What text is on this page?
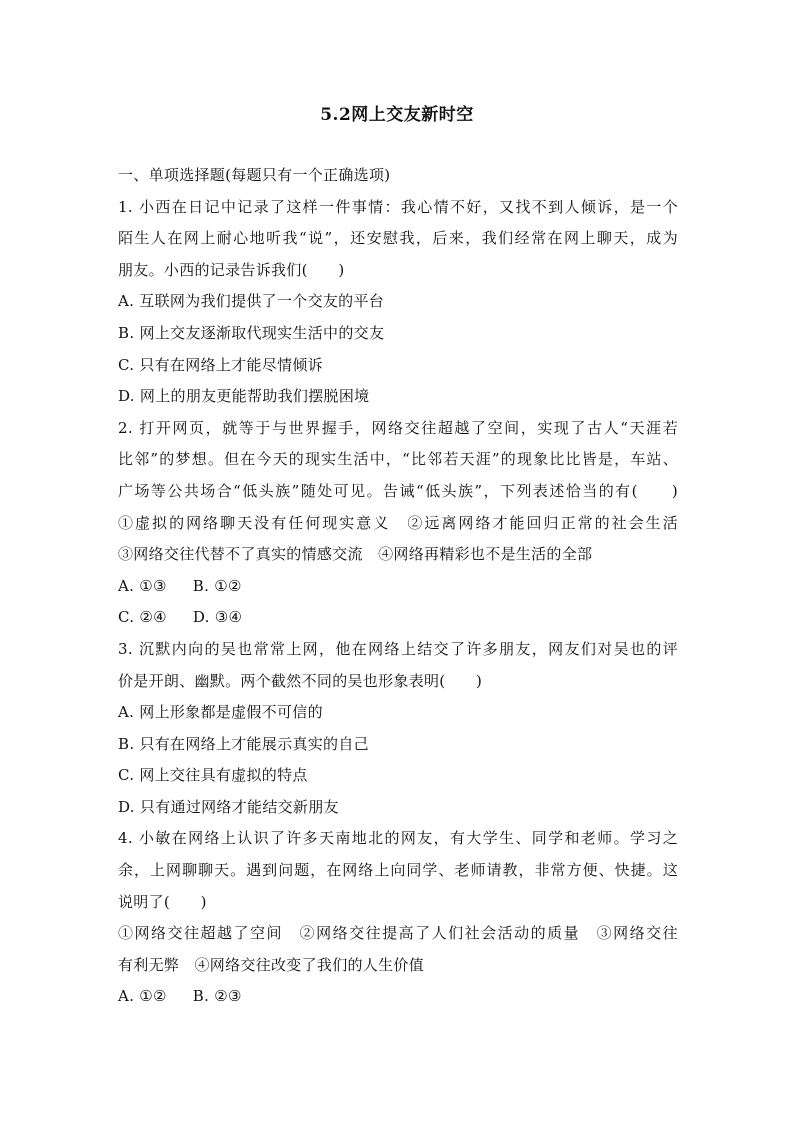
5.2网上交友新时空
一、单项选择题(每题只有一个正确选项)
1. 小西在日记中记录了这样一件事情：我心情不好，又找不到人倾诉，是一个
陌生人在网上耐心地听我“说”，还安慰我，后来，我们经常在网上聊天，成为
朋友。小西的记录告诉我们(　　)
A. 互联网为我们提供了一个交友的平台
B. 网上交友逐渐取代现实生活中的交友
C. 只有在网络上才能尽情倾诉
D. 网上的朋友更能帮助我们摆脱困境
2. 打开网页，就等于与世界握手，网络交往超越了空间，实现了古人“天涯若
比邻”的梦想。但在今天的现实生活中，“比邻若天涯”的现象比比皆是，车站、
广场等公共场合“低头族”随处可见。告诫“低头族”，下列表述恰当的有(　　)
①虚拟的网络聊天没有任何现实意义　②远离网络才能回归正常的社会生活
③网络交往代替不了真实的情感交流　④网络再精彩也不是生活的全部
A. ①③ B. ①②
C. ②④ D. ③④
3. 沉默内向的吴也常常上网，他在网络上结交了许多朋友，网友们对吴也的评
价是开朗、幽默。两个截然不同的吴也形象表明(　　)
A. 网上形象都是虚假不可信的
B. 只有在网络上才能展示真实的自己
C. 网上交往具有虚拟的特点
D. 只有通过网络才能结交新朋友
4. 小敏在网络上认识了许多天南地北的网友，有大学生、同学和老师。学习之
余，上网聊聊天。遇到问题，在网络上向同学、老师请教，非常方便、快捷。这
说明了(　　)
①网络交往超越了空间　②网络交往提高了人们社会活动的质量　③网络交往
有利无弊　④网络交往改变了我们的人生价值
A. ①② B. ②③
